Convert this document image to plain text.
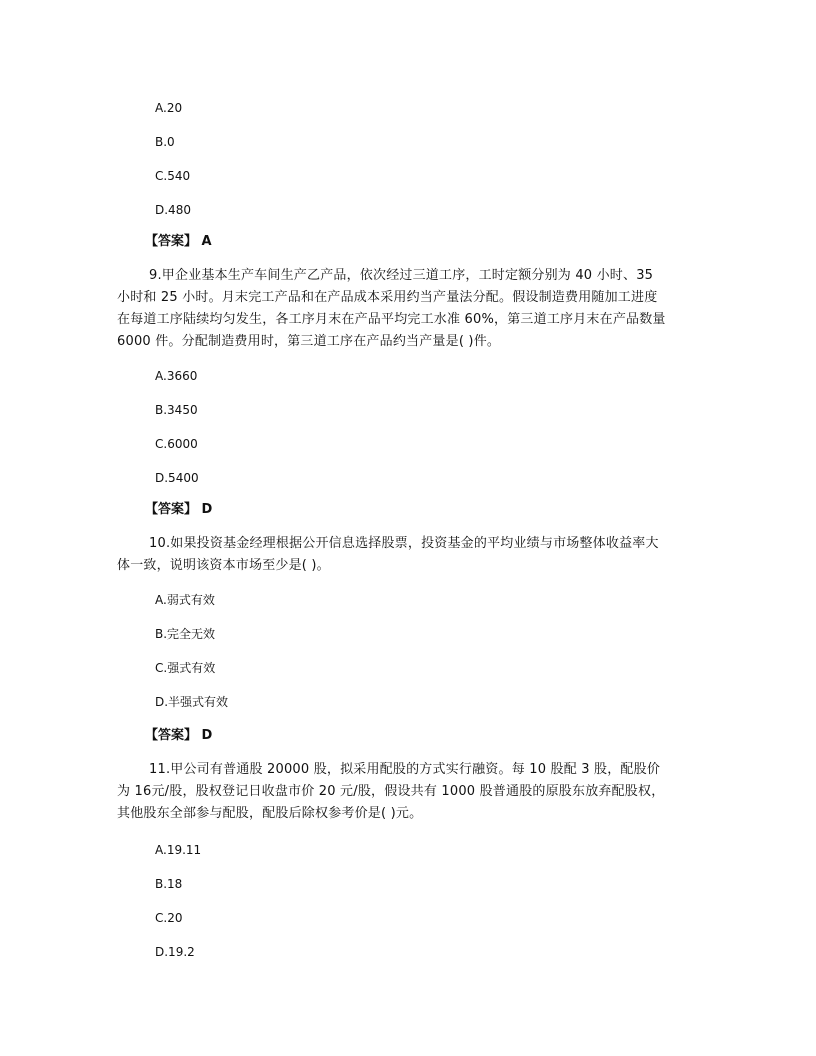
A.20
B.0
C.540
D.480
【答案】 A
9.甲企业基本生产车间生产乙产品，依次经过三道工序，工时定额分别为 40 小时、35
小时和 25 小时。月末完工产品和在产品成本采用约当产量法分配。假设制造费用随加工进度
在每道工序陆续均匀发生，各工序月末在产品平均完工水准 60%，第三道工序月末在产品数量
6000 件。分配制造费用时，第三道工序在产品约当产量是( )件。
A.3660
B.3450
C.6000
D.5400
【答案】 D
10.如果投资基金经理根据公开信息选择股票，投资基金的平均业绩与市场整体收益率大
体一致，说明该资本市场至少是( )。
A.弱式有效
B.完全无效
C.强式有效
D.半强式有效
【答案】 D
11.甲公司有普通股 20000 股，拟采用配股的方式实行融资。每 10 股配 3 股，配股价
为 16元/股，股权登记日收盘市价 20 元/股，假设共有 1000 股普通股的原股东放弃配股权，
其他股东全部参与配股，配股后除权参考价是( )元。
A.19.11
B.18
C.20
D.19.2
